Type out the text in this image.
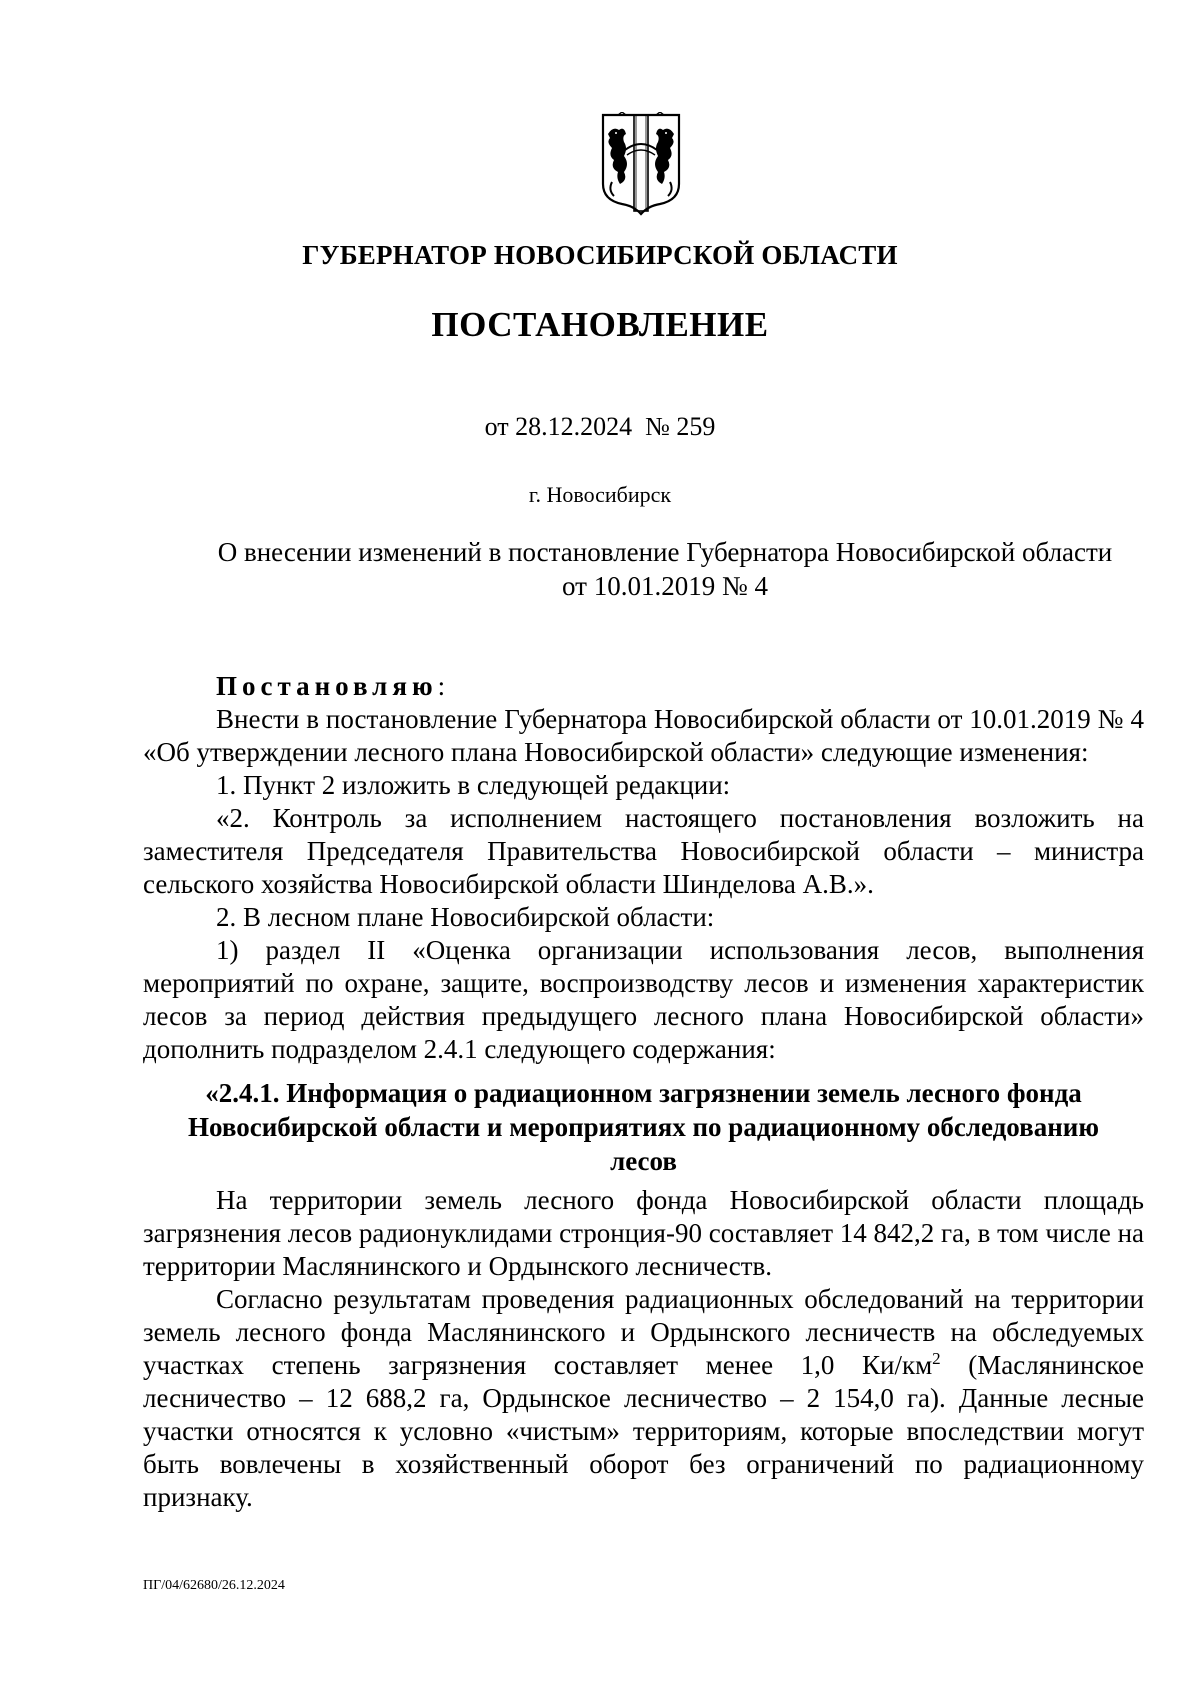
ГУБЕРНАТОР НОВОСИБИРСКОЙ ОБЛАСТИ
ПОСТАНОВЛЕНИЕ
от 28.12.2024 № 259
г. Новосибирск
О внесении изменений в постановление Губернатора Новосибирской области
от 10.01.2019 № 4

Постановляю:

Внести в постановление Губернатора Новосибирской области от 10.01.2019 № 4 «Об утверждении лесного плана Новосибирской области» следующие изменения:

1. Пункт 2 изложить в следующей редакции:

«2. Контроль за исполнением настоящего постановления возложить на заместителя Председателя Правительства Новосибирской области – министра сельского хозяйства Новосибирской области Шинделова А.В.».

2. В лесном плане Новосибирской области:

1) раздел II «Оценка организации использования лесов, выполнения мероприятий по охране, защите, воспроизводству лесов и изменения характеристик лесов за период действия предыдущего лесного плана Новосибирской области» дополнить подразделом 2.4.1 следующего содержания:

«2.4.1. Информация о радиационном загрязнении земель лесного фонда Новосибирской области и мероприятиях по радиационному обследованию лесов

На территории земель лесного фонда Новосибирской области площадь загрязнения лесов радионуклидами стронция-90 составляет 14 842,2 га, в том числе на территории Маслянинского и Ордынского лесничеств.

Согласно результатам проведения радиационных обследований на территории земель лесного фонда Маслянинского и Ордынского лесничеств на обследуемых участках степень загрязнения составляет менее 1,0 $Ки/км^2$ (Маслянинское лесничество – 12 688,2 га, Ордынское лесничество – 2 154,0 га). Данные лесные участки относятся к условно «чистым» территориям, которые впоследствии могут быть вовлечены в хозяйственный оборот без ограничений по радиационному признаку.

ПГ/04/62680/26.12.2024
